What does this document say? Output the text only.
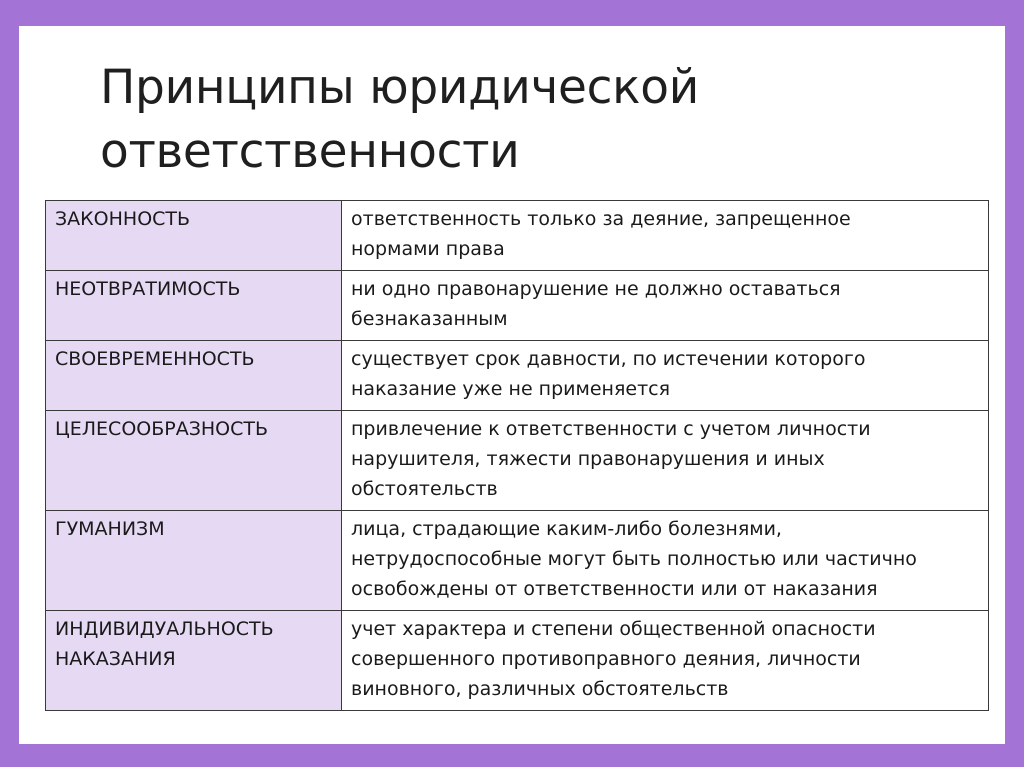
Принципы юридической
ответственности
ЗАКОННОСТЬ	ответственность только за деяние, запрещенное
нормами права
НЕОТВРАТИМОСТЬ	ни одно правонарушение не должно оставаться
безнаказанным
СВОЕВРЕМЕННОСТЬ	существует срок давности, по истечении которого
наказание уже не применяется
ЦЕЛЕСООБРАЗНОСТЬ	привлечение к ответственности с учетом личности
нарушителя, тяжести правонарушения и иных
обстоятельств
ГУМАНИЗМ	лица, страдающие каким-либо болезнями,
нетрудоспособные могут быть полностью или частично
освобождены от ответственности или от наказания
ИНДИВИДУАЛЬНОСТЬ
НАКАЗАНИЯ	учет характера и степени общественной опасности
совершенного противоправного деяния, личности
виновного, различных обстоятельств
